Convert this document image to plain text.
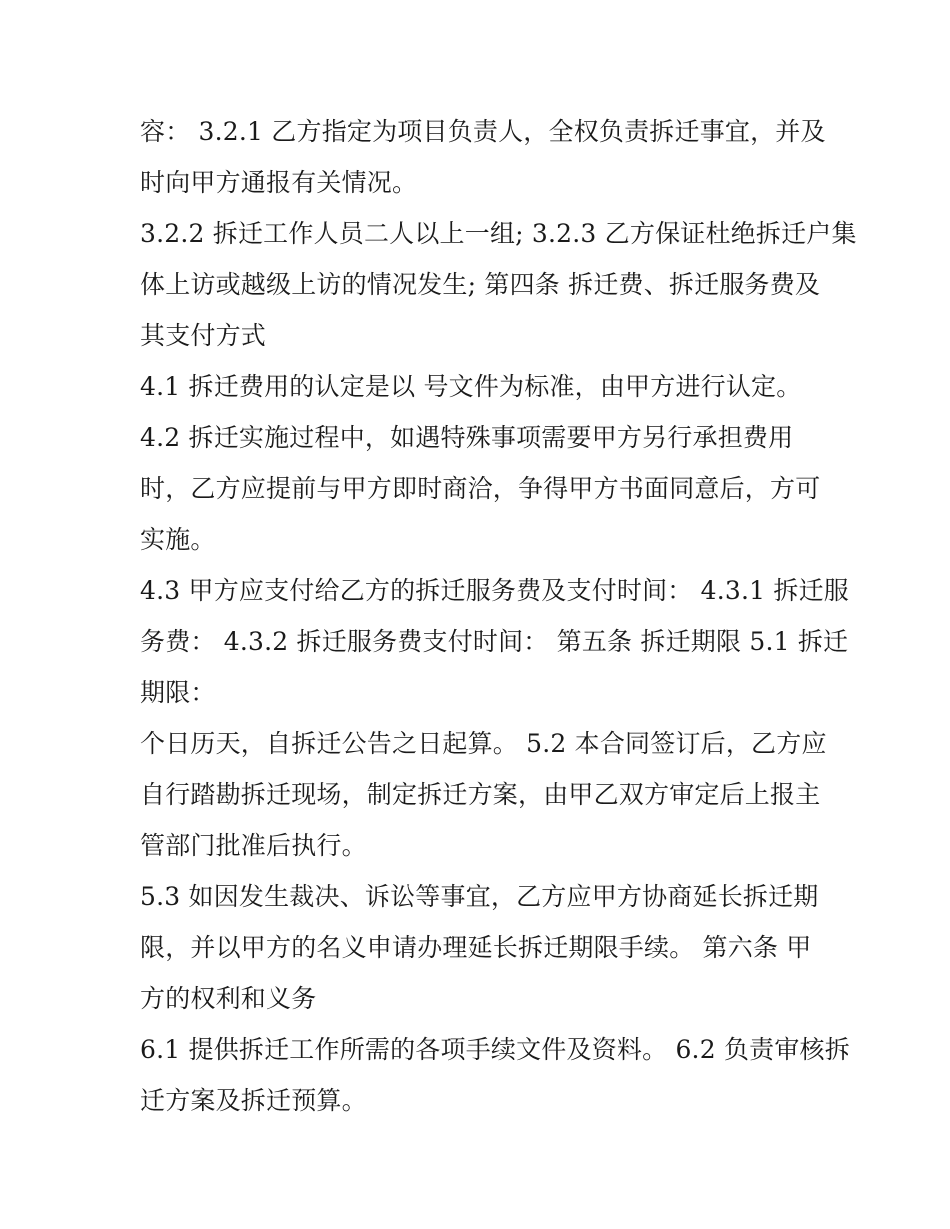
容： 3.2.1 乙方指定为项目负责人，全权负责拆迁事宜，并及
时向甲方通报有关情况。
3.2.2 拆迁工作人员二人以上一组; 3.2.3 乙方保证杜绝拆迁户集
体上访或越级上访的情况发生; 第四条 拆迁费、拆迁服务费及
其支付方式
4.1 拆迁费用的认定是以 号文件为标准，由甲方进行认定。
4.2 拆迁实施过程中，如遇特殊事项需要甲方另行承担费用
时，乙方应提前与甲方即时商洽，争得甲方书面同意后，方可
实施。
4.3 甲方应支付给乙方的拆迁服务费及支付时间： 4.3.1 拆迁服
务费： 4.3.2 拆迁服务费支付时间： 第五条 拆迁期限 5.1 拆迁
期限：
个日历天，自拆迁公告之日起算。 5.2 本合同签订后，乙方应
自行踏勘拆迁现场，制定拆迁方案，由甲乙双方审定后上报主
管部门批准后执行。
5.3 如因发生裁决、诉讼等事宜，乙方应甲方协商延长拆迁期
限，并以甲方的名义申请办理延长拆迁期限手续。 第六条 甲
方的权利和义务
6.1 提供拆迁工作所需的各项手续文件及资料。 6.2 负责审核拆
迁方案及拆迁预算。
